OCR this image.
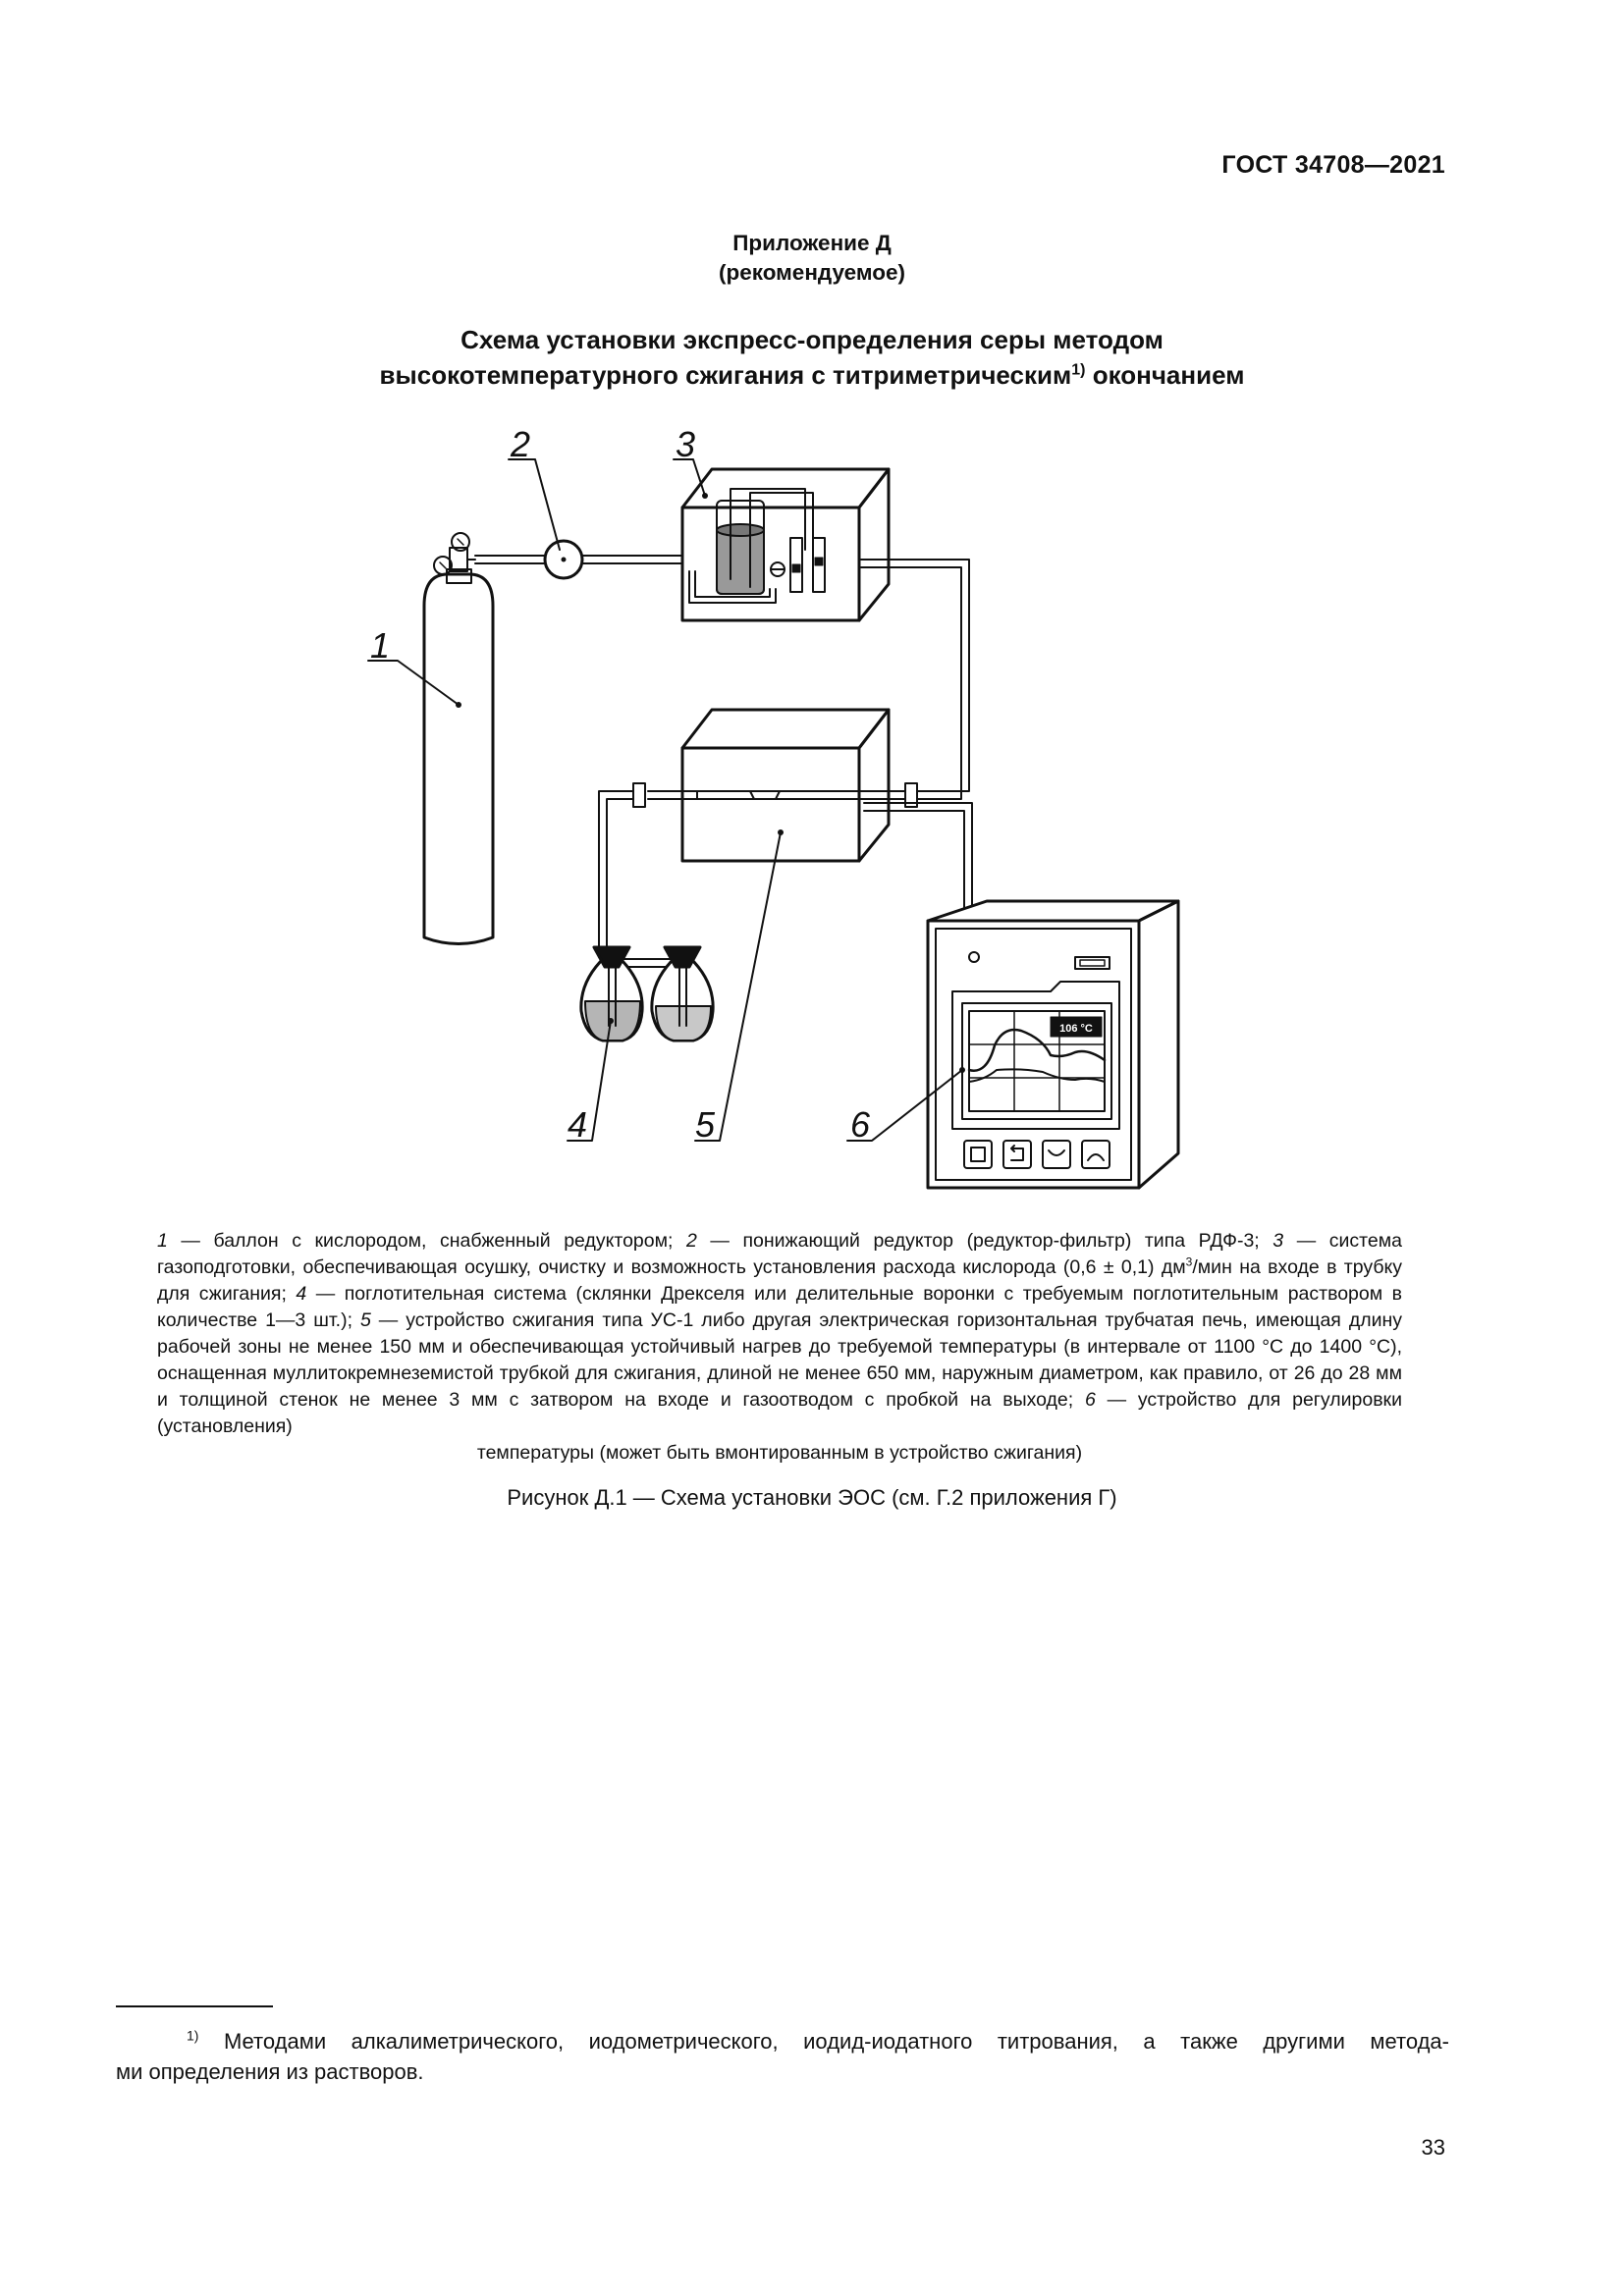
ГОСТ 34708—2021
Приложение Д
(рекомендуемое)
Схема установки экспресс-определения серы методом
высокотемпературного сжигания с титриметрическим$^{1)}$ окончанием
106 °C
1
2	3
4	5	6
1 — баллон с кислородом, снабженный редуктором; 2 — понижающий редуктор (редуктор-фильтр) типа РДФ-3; 3 — система газоподготовки, обеспечивающая осушку, очистку и возможность установления расхода кислорода (0,6 ± 0,1) $дм^3$/мин на входе в трубку для сжигания; 4 — поглотительная система (склянки Дрекселя или делительные воронки с требуемым поглотительным раствором в количестве 1—3 шт.); 5 — устройство сжигания типа УС-1 либо другая электрическая горизонтальная трубчатая печь, имеющая длину рабочей зоны не менее 150 мм и обеспечивающая устойчивый нагрев до требуемой температуры (в интервале от 1100 °С до 1400 °С), оснащенная муллитокремнеземистой трубкой для сжигания, длиной не менее 650 мм, наружным диаметром, как правило, от 26 до 28 мм и толщиной стенок не менее 3 мм с затвором на входе и газоотводом с пробкой на выходе; 6 — устройство для регулировки (установления)
температуры (может быть вмонтированным в устройство сжигания)
Рисунок Д.1 — Схема установки ЭОС (см. Г.2 приложения Г)
$^{1)}$ Методами алкалиметрического, иодометрического, иодид-иодатного титрования, а также другими метода-
ми определения из растворов.
33
